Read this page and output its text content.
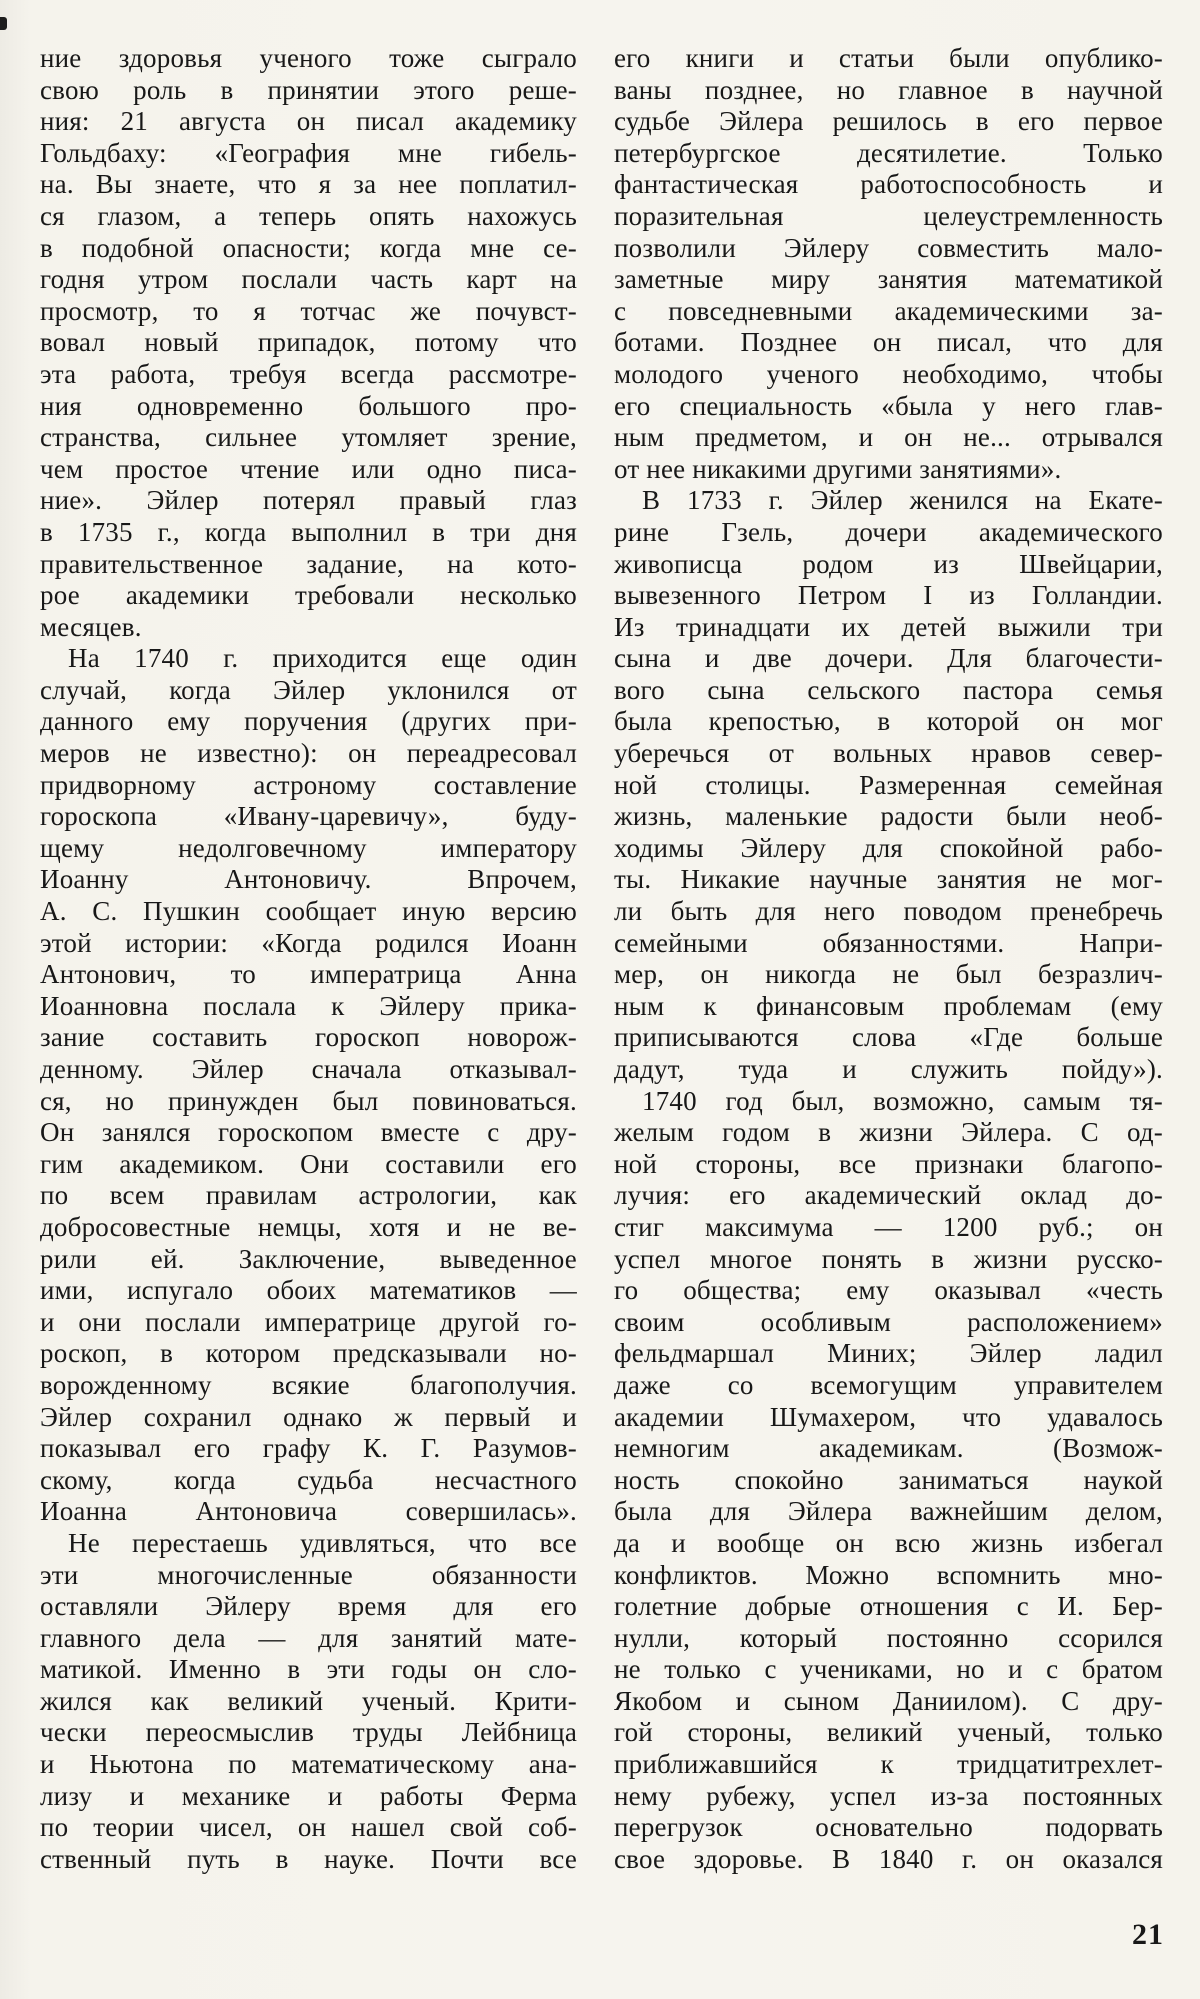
ние здоровья ученого тоже сыграло
свою роль в принятии этого реше-
ния: 21 августа он писал академику
Гольдбаху: «География мне гибель-
на. Вы знаете, что я за нее поплатил-
ся глазом, а теперь опять нахожусь
в подобной опасности; когда мне се-
годня утром послали часть карт на
просмотр, то я тотчас же почувст-
вовал новый припадок, потому что
эта работа, требуя всегда рассмотре-
ния одновременно большого про-
странства, сильнее утомляет зрение,
чем простое чтение или одно писа-
ние». Эйлер потерял правый глаз
в 1735 г., когда выполнил в три дня
правительственное задание, на кото-
рое академики требовали несколько
месяцев.
На 1740 г. приходится еще один
случай, когда Эйлер уклонился от
данного ему поручения (других при-
меров не известно): он переадресовал
придворному астроному составление
гороскопа «Ивану-царевичу», буду-
щему недолговечному императору
Иоанну Антоновичу. Впрочем,
А. С. Пушкин сообщает иную версию
этой истории: «Когда родился Иоанн
Антонович, то императрица Анна
Иоанновна послала к Эйлеру прика-
зание составить гороскоп новорож-
денному. Эйлер сначала отказывал-
ся, но принужден был повиноваться.
Он занялся гороскопом вместе с дру-
гим академиком. Они составили его
по всем правилам астрологии, как
добросовестные немцы, хотя и не ве-
рили ей. Заключение, выведенное
ими, испугало обоих математиков —
и они послали императрице другой го-
роскоп, в котором предсказывали но-
ворожденному всякие благополучия.
Эйлер сохранил однако ж первый и
показывал его графу К. Г. Разумов-
скому, когда судьба несчастного
Иоанна Антоновича совершилась».
Не перестаешь удивляться, что все
эти многочисленные обязанности
оставляли Эйлеру время для его
главного дела — для занятий мате-
матикой. Именно в эти годы он сло-
жился как великий ученый. Крити-
чески переосмыслив труды Лейбница
и Ньютона по математическому ана-
лизу и механике и работы Ферма
по теории чисел, он нашел свой соб-
ственный путь в науке. Почти все
его книги и статьи были опублико-
ваны позднее, но главное в научной
судьбе Эйлера решилось в его первое
петербургское десятилетие. Только
фантастическая работоспособность и
поразительная целеустремленность
позволили Эйлеру совместить мало-
заметные миру занятия математикой
с повседневными академическими за-
ботами. Позднее он писал, что для
молодого ученого необходимо, чтобы
его специальность «была у него глав-
ным предметом, и он не... отрывался
от нее никакими другими занятиями».
В 1733 г. Эйлер женился на Екате-
рине Гзель, дочери академического
живописца родом из Швейцарии,
вывезенного Петром I из Голландии.
Из тринадцати их детей выжили три
сына и две дочери. Для благочести-
вого сына сельского пастора семья
была крепостью, в которой он мог
уберечься от вольных нравов север-
ной столицы. Размеренная семейная
жизнь, маленькие радости были необ-
ходимы Эйлеру для спокойной рабо-
ты. Никакие научные занятия не мог-
ли быть для него поводом пренебречь
семейными обязанностями. Напри-
мер, он никогда не был безразлич-
ным к финансовым проблемам (ему
приписываются слова «Где больше
дадут, туда и служить пойду»).
1740 год был, возможно, самым тя-
желым годом в жизни Эйлера. С од-
ной стороны, все признаки благопо-
лучия: его академический оклад до-
стиг максимума — 1200 руб.; он
успел многое понять в жизни русско-
го общества; ему оказывал «честь
своим особливым расположением»
фельдмаршал Миних; Эйлер ладил
даже со всемогущим управителем
академии Шумахером, что удавалось
немногим академикам. (Возмож-
ность спокойно заниматься наукой
была для Эйлера важнейшим делом,
да и вообще он всю жизнь избегал
конфликтов. Можно вспомнить мно-
голетние добрые отношения с И. Бер-
нулли, который постоянно ссорился
не только с учениками, но и с братом
Якобом и сыном Даниилом). С дру-
гой стороны, великий ученый, только
приближавшийся к тридцатитрехлет-
нему рубежу, успел из-за постоянных
перегрузок основательно подорвать
свое здоровье. В 1840 г. он оказался
21
